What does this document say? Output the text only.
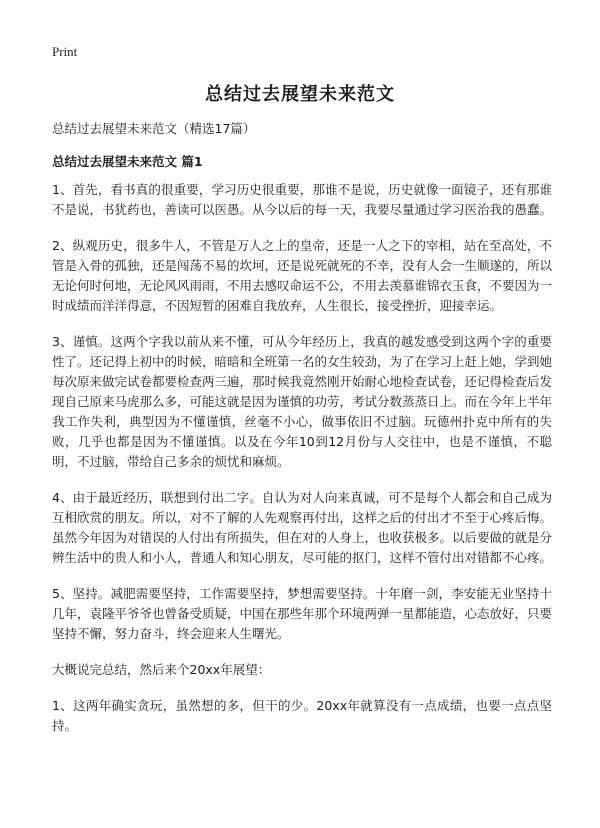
Print
总结过去展望未来范文
总结过去展望未来范文（精选17篇）
总结过去展望未来范文 篇1

1、首先，看书真的很重要，学习历史很重要，那谁不是说，历史就像一面镜子，还有那谁不是说，书犹药也，善读可以医愚。从今以后的每一天，我要尽量通过学习医治我的愚蠢。

2、纵观历史，很多牛人，不管是万人之上的皇帝，还是一人之下的宰相，站在至高处，不管是入骨的孤独，还是闯荡不易的坎坷，还是说死就死的不幸，没有人会一生顺遂的，所以无论何时何地，无论风风雨雨，不用去感叹命运不公，不用去羡慕谁锦衣玉食，不要因为一时成绩而洋洋得意，不因短暂的困难自我放弃，人生很长，接受挫折，迎接幸运。

3、谨慎。这两个字我以前从来不懂，可从今年经历上，我真的越发感受到这两个字的重要性了。还记得上初中的时候，暗暗和全班第一名的女生较劲，为了在学习上赶上她，学到她每次原来做完试卷都要检查两三遍，那时候我竟然刚开始耐心地检查试卷，还记得检查后发现自己原来马虎那么多，可能这就是因为谨慎的功劳，考试分数蒸蒸日上。而在今年上半年我工作失利，典型因为不懂谨慎，丝毫不小心，做事依旧不过脑。玩德州扑克中所有的失败，几乎也都是因为不懂谨慎。以及在今年10到12月份与人交往中，也是不谨慎，不聪明，不过脑，带给自己多余的烦忧和麻烦。

4、由于最近经历，联想到付出二字。自认为对人向来真诚，可不是每个人都会和自己成为互相欣赏的朋友。所以，对不了解的人先观察再付出，这样之后的付出才不至于心疼后悔。虽然今年因为对错误的人付出有所损失，但在对的人身上，也收获极多。以后要做的就是分辨生活中的贵人和小人，普通人和知心朋友，尽可能的抠门，这样不管付出对错都不心疼。

5、坚持。减肥需要坚持，工作需要坚持，梦想需要坚持。十年磨一剑，李安能无业坚持十几年，袁隆平爷爷也曾备受质疑，中国在那些年那个环境两弹一星都能造，心态放好，只要坚持不懈，努力奋斗，终会迎来人生曙光。

大概说完总结，然后来个20xx年展望：

1、这两年确实贪玩，虽然想的多，但干的少。20xx年就算没有一点成绩，也要一点点坚持。
